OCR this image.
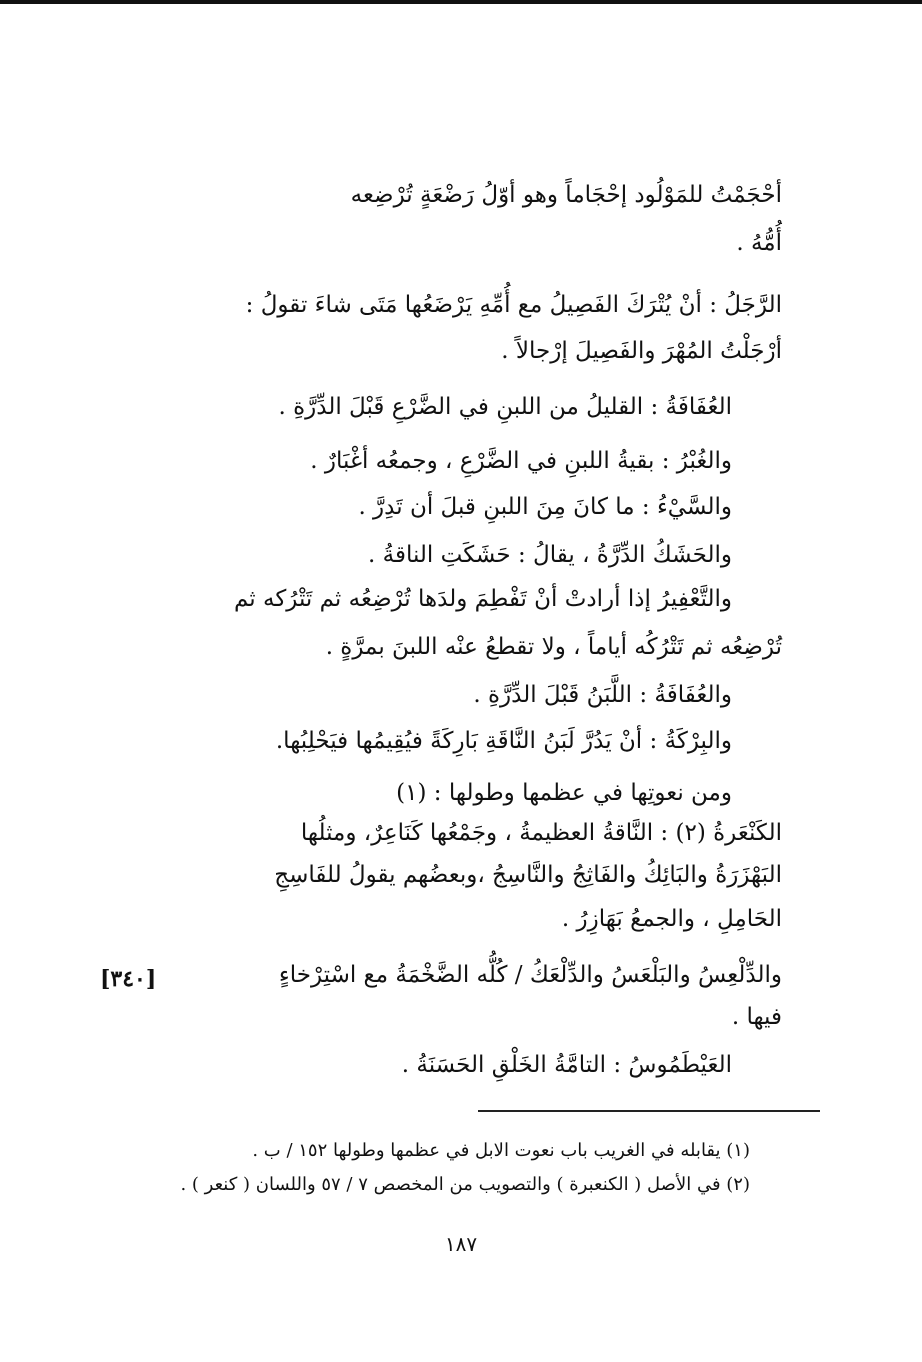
أحْجَمْتُ للمَوْلُود إحْجَاماً وهو أوّلُ رَضْعَةٍ تُرْضِعه
أُمُّهُ .
الرَّجَلُ : أنْ يُتْرَكَ الفَصِيلُ مع أُمِّهِ يَرْضَعُها مَتَى شاءَ تقولُ :
أرْجَلْتُ المُهْرَ والفَصِيلَ إرْجالاً .
العُفَافَةُ : القليلُ من اللبنِ في الضَّرْعِ قَبْلَ الدِّرَّةِ .
والغُبْرُ : بقيةُ اللبنِ في الضَّرْعِ ، وجمعُه أغْبَارٌ .
والسَّيْءُ : ما كانَ مِنَ اللبنِ قبلَ أن تَدِرَّ .
والحَشَكُ الدِّرَّةُ ، يقالُ : حَشَكَتِ الناقةُ .
والتَّعْفِيرُ إذا أرادتْ أنْ تَفْطِمَ ولدَها تُرْضِعُه ثم تَتْرُكه ثم
تُرْضِعُه ثم تَتْرُكُه أياماً ، ولا تقطعُ عنْه اللبنَ بمرَّةٍ .
والعُفَافَةُ : اللَّبَنُ قَبْلَ الدِّرَّةِ .
والبِرْكَةُ : أنْ يَدُرَّ لَبَنُ النَّاقَةِ بَارِكَةً فيُقِيمُها فيَحْلِبُها.
ومن نعوتِها في عظمها وطولها : (١)
الكَنْعَرةُ (٢) : النَّاقةُ العظيمةُ ، وجَمْعُها كَنَاعِرٌ، ومثلُها
البَهْزَرَةُ والبَائِكُ والفَاثِجُ والنَّاسِجُ ،وبعضُهم يقولُ للفَاسِجِ
الحَامِلِ ، والجمعُ بَهَازِرُ .
والدِّلْعِسُ والبَلْعَسُ والدِّلْعَكُ / كُلُّه الضَّخْمَةُ مع اسْتِرْخاءٍ
فيها .
العَيْطَمُوسُ : التامَّةُ الخَلْقِ الحَسَنَةُ .
[٣٤٠]
(١) يقابله في الغريب باب نعوت الابل في عظمها وطولها ١٥٢ / ب .
(٢) في الأصل ( الكنعبرة ) والتصويب من المخصص ٧ / ٥٧ واللسان ( كنعر ) .
١٨٧
